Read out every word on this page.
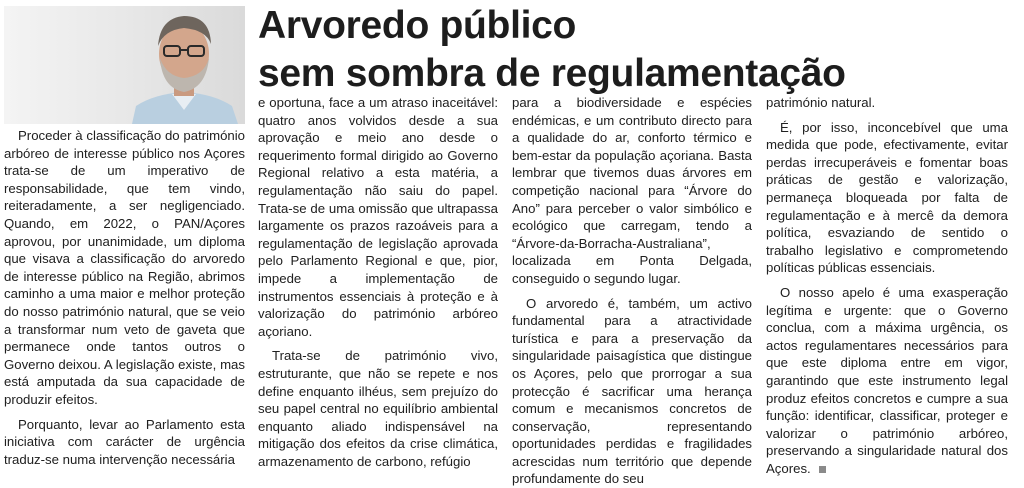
Arvoredo público
sem sombra de regulamentação

Proceder à classificação do património arbóreo de interesse público nos Açores trata-se de um imperativo de responsabilidade, que tem vindo, reiteradamente, a ser negligenciado. Quando, em 2022, o PAN/Açores aprovou, por unanimidade, um diploma que visava a classificação do arvoredo de interesse público na Região, abrimos caminho a uma maior e melhor proteção do nosso património natural, que se veio a transformar num veto de gaveta que permanece onde tantos outros o Governo deixou. A legislação existe, mas está amputada da sua capacidade de produzir efeitos.

Porquanto, levar ao Parlamento esta iniciativa com carácter de urgência traduz-se numa intervenção necessária

e oportuna, face a um atraso inaceitável: quatro anos volvidos desde a sua aprovação e meio ano desde o requerimento formal dirigido ao Governo Regional relativo a esta matéria, a regulamentação não saiu do papel. Trata-se de uma omissão que ultrapassa largamente os prazos razoáveis para a regulamentação de legislação aprovada pelo Parlamento Regional e que, pior, impede a implementação de instrumentos essenciais à proteção e à valorização do património arbóreo açoriano.

Trata-se de património vivo, estruturante, que não se repete e nos define enquanto ilhéus, sem prejuízo do seu papel central no equilíbrio ambiental enquanto aliado indispensável na mitigação dos efeitos da crise climática, armazenamento de carbono, refúgio

para a biodiversidade e espécies endémicas, e um contributo directo para a qualidade do ar, conforto térmico e bem-estar da população açoriana. Basta lembrar que tivemos duas árvores em competição nacional para “Árvore do Ano” para perceber o valor simbólico e ecológico que carregam, tendo a “Árvore-da-Borracha-Australiana”, localizada em Ponta Delgada, conseguido o segundo lugar.

O arvoredo é, também, um activo fundamental para a atractividade turística e para a preservação da singularidade paisagística que distingue os Açores, pelo que prorrogar a sua protecção é sacrificar uma herança comum e mecanismos concretos de conservação, representando oportunidades perdidas e fragilidades acrescidas num território que depende profundamente do seu

património natural.

É, por isso, inconcebível que uma medida que pode, efectivamente, evitar perdas irrecuperáveis e fomentar boas práticas de gestão e valorização, permaneça bloqueada por falta de regulamentação e à mercê da demora política, esvaziando de sentido o trabalho legislativo e comprometendo políticas públicas essenciais.

O nosso apelo é uma exasperação legítima e urgente: que o Governo conclua, com a máxima urgência, os actos regulamentares necessários para que este diploma entre em vigor, garantindo que este instrumento legal produz efeitos concretos e cumpre a sua função: identificar, classificar, proteger e valorizar o património arbóreo, preservando a singularidade natural dos Açores.
